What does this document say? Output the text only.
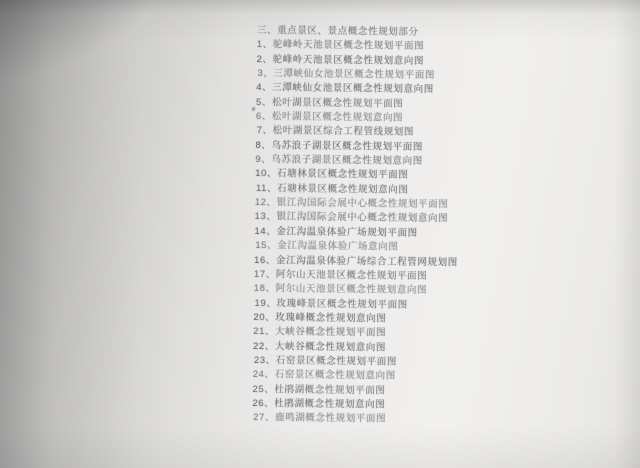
三、重点景区、景点概念性规划部分
1、驼峰岭天池景区概念性规划平面图
2、驼峰岭天池景区概念性规划意向图
3、三潭峡仙女池景区概念性规划平面图
4、三潭峡仙女池景区概念性规划意向图
5、松叶湖景区概念性规划平面图
6、松叶湖景区概念性规划意向图
7、松叶湖景区综合工程管线规划图
8、乌苏浪子湖景区概念性规划平面图
9、乌苏浪子湖景区概念性规划意向图
10、石塘林景区概念性规划平面图
11、石塘林景区概念性规划意向图
12、银江沟国际会展中心概念性规划平面图
13、银江沟国际会展中心概念性规划意向图
14、金江沟温泉体验广场规划平面图
15、金江沟温泉体验广场意向图
16、金江沟温泉体验广场综合工程管网规划图
17、阿尔山天池景区概念性规划平面图
18、阿尔山天池景区概念性规划意向图
19、玫瑰峰景区概念性规划平面图
20、玫瑰峰概念性规划意向图
21、大峡谷概念性规划平面图
22、大峡谷概念性规划意向图
23、石窑景区概念性规划平面图
24、石窑景区概念性规划意向图
25、杜鹃湖概念性规划平面图
26、杜鹃湖概念性规划意向图
27、鹿鸣湖概念性规划平面图
